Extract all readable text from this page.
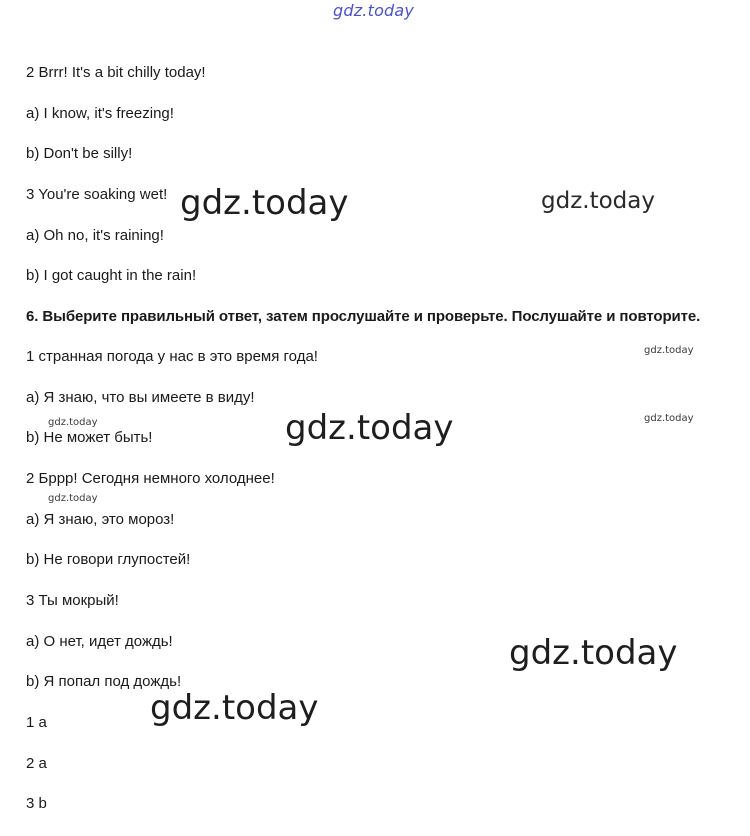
gdz.today
gdz.today	gdz.today
gdz.today
gdz.today	gdz.today
gdz.today
gdz.today
gdz.today
gdz.today
2 Brrr! It's a bit chilly today!
a) I know, it's freezing!
b) Don't be silly!
3 You're soaking wet!
a) Oh no, it's raining!
b) I got caught in the rain!
6. Выберите правильный ответ, затем прослушайте и проверьте. Послушайте и повторите.
1 странная погода у нас в это время года!
а) Я знаю, что вы имеете в виду!
b) Не может быть!
2 Бppp! Сегодня немного холоднее!
а) Я знаю, это мороз!
b) Не говори глупостей!
3 Ты мокрый!
а) О нет, идет дождь!
b) Я попал под дождь!
1 a
2 a
3 b
